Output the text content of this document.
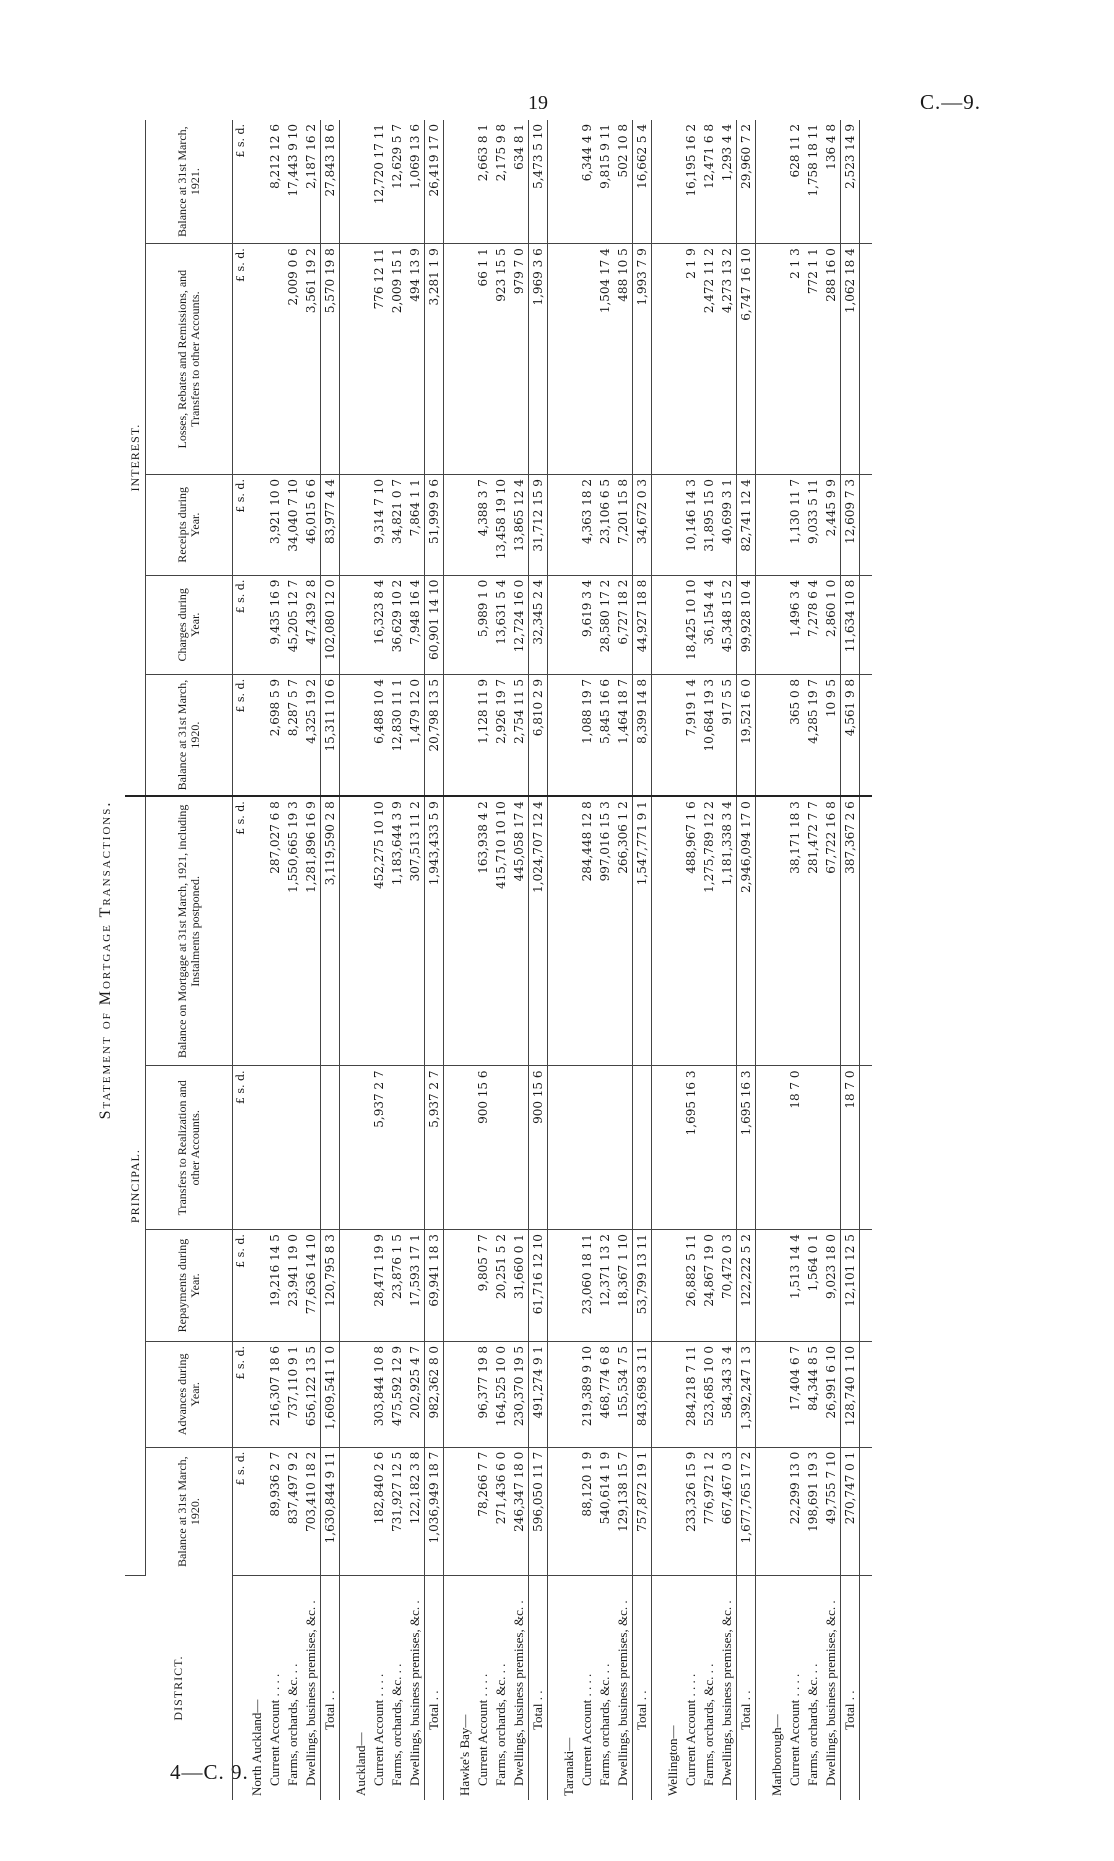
19	C.—9.
4—C. 9.
Statement of Mortgage Transactions.
DISTRICT.	PRINCIPAL.					INTEREST.				
	Balance at 31st March, 1920.	Advances during Year.	Repayments during Year.	Transfers to Realization and other Accounts.	Balance on Mortgage at 31st March, 1921, including Instalments postponed.	Balance at 31st March, 1920.	Charges during Year.	Receipts during Year.	Losses, Rebates and Remissions, and Transfers to other Accounts.	Balance at 31st March, 1921.
	£ s. d.	£ s. d.	£ s. d.	£ s. d.	£ s. d.	£ s. d.	£ s. d.	£ s. d.	£ s. d.	£ s. d.
North Auckland—										
Current Account . . . .	89,936 2 7	216,307 18 6	19,216 14 5		287,027 6 8	2,698 5 9	9,435 16 9	3,921 10 0		8,212 12 6
Farms, orchards, &c. . .	837,497 9 2	737,110 9 1	23,941 19 0		1,550,665 19 3	8,287 5 7	45,205 12 7	34,040 7 10	2,009 0 6	17,443 9 10
Dwellings, business premises, &c. .	703,410 18 2	656,122 13 5	77,636 14 10		1,281,896 16 9	4,325 19 2	47,439 2 8	46,015 6 6	3,561 19 2	2,187 16 2
Total . .	1,630,844 9 11	1,609,541 1 0	120,795 8 3		3,119,590 2 8	15,311 10 6	102,080 12 0	83,977 4 4	5,570 19 8	27,843 18 6

Auckland—										
Current Account . . . .	182,840 2 6	303,844 10 8	28,471 19 9	5,937 2 7	452,275 10 10	6,488 10 4	16,323 8 4	9,314 7 10	776 12 11	12,720 17 11
Farms, orchards, &c. . .	731,927 12 5	475,592 12 9	23,876 1 5		1,183,644 3 9	12,830 11 1	36,629 10 2	34,821 0 7	2,009 15 1	12,629 5 7
Dwellings, business premises, &c. .	122,182 3 8	202,925 4 7	17,593 17 1		307,513 11 2	1,479 12 0	7,948 16 4	7,864 1 1	494 13 9	1,069 13 6
Total . .	1,036,949 18 7	982,362 8 0	69,941 18 3	5,937 2 7	1,943,433 5 9	20,798 13 5	60,901 14 10	51,999 9 6	3,281 1 9	26,419 17 0

Hawke's Bay—										
Current Account . . . .	78,266 7 7	96,377 19 8	9,805 7 7	900 15 6	163,938 4 2	1,128 11 9	5,989 1 0	4,388 3 7	66 1 1	2,663 8 1
Farms, orchards, &c. . .	271,436 6 0	164,525 10 0	20,251 5 2		415,710 10 10	2,926 19 7	13,631 5 4	13,458 19 10	923 15 5	2,175 9 8
Dwellings, business premises, &c. .	246,347 18 0	230,370 19 5	31,660 0 1		445,058 17 4	2,754 11 5	12,724 16 0	13,865 12 4	979 7 0	634 8 1
Total . .	596,050 11 7	491,274 9 1	61,716 12 10	900 15 6	1,024,707 12 4	6,810 2 9	32,345 2 4	31,712 15 9	1,969 3 6	5,473 5 10

Taranaki—										
Current Account . . . .	88,120 1 9	219,389 9 10	23,060 18 11		284,448 12 8	1,088 19 7	9,619 3 4	4,363 18 2		6,344 4 9
Farms, orchards, &c. . .	540,614 1 9	468,774 6 8	12,371 13 2		997,016 15 3	5,845 16 6	28,580 17 2	23,106 6 5	1,504 17 4	9,815 9 11
Dwellings, business premises, &c. .	129,138 15 7	155,534 7 5	18,367 1 10		266,306 1 2	1,464 18 7	6,727 18 2	7,201 15 8	488 10 5	502 10 8
Total . .	757,872 19 1	843,698 3 11	53,799 13 11		1,547,771 9 1	8,399 14 8	44,927 18 8	34,672 0 3	1,993 7 9	16,662 5 4

Wellington—										
Current Account . . . .	233,326 15 9	284,218 7 11	26,882 5 11	1,695 16 3	488,967 1 6	7,919 1 4	18,425 10 10	10,146 14 3	2 1 9	16,195 16 2
Farms, orchards, &c. . .	776,972 1 2	523,685 10 0	24,867 19 0		1,275,789 12 2	10,684 19 3	36,154 4 4	31,895 15 0	2,472 11 2	12,471 6 8
Dwellings, business premises, &c. .	667,467 0 3	584,343 3 4	70,472 0 3		1,181,338 3 4	917 5 5	45,348 15 2	40,699 3 1	4,273 13 2	1,293 4 4
Total . .	1,677,765 17 2	1,392,247 1 3	122,222 5 2	1,695 16 3	2,946,094 17 0	19,521 6 0	99,928 10 4	82,741 12 4	6,747 16 10	29,960 7 2

Marlborough—										
Current Account . . . .	22,299 13 0	17,404 6 7	1,513 14 4	18 7 0	38,171 18 3	365 0 8	1,496 3 4	1,130 11 7	2 1 3	628 11 2
Farms, orchards, &c. . .	198,691 19 3	84,344 8 5	1,564 0 1		281,472 7 7	4,285 19 7	7,278 6 4	9,033 5 11	772 1 1	1,758 18 11
Dwellings, business premises, &c. .	49,755 7 10	26,991 6 10	9,023 18 0		67,722 16 8	10 9 5	2,860 1 0	2,445 9 9	288 16 0	136 4 8
Total . .	270,747 0 1	128,740 1 10	12,101 12 5	18 7 0	387,367 2 6	4,561 9 8	11,634 10 8	12,609 7 3	1,062 18 4	2,523 14 9
